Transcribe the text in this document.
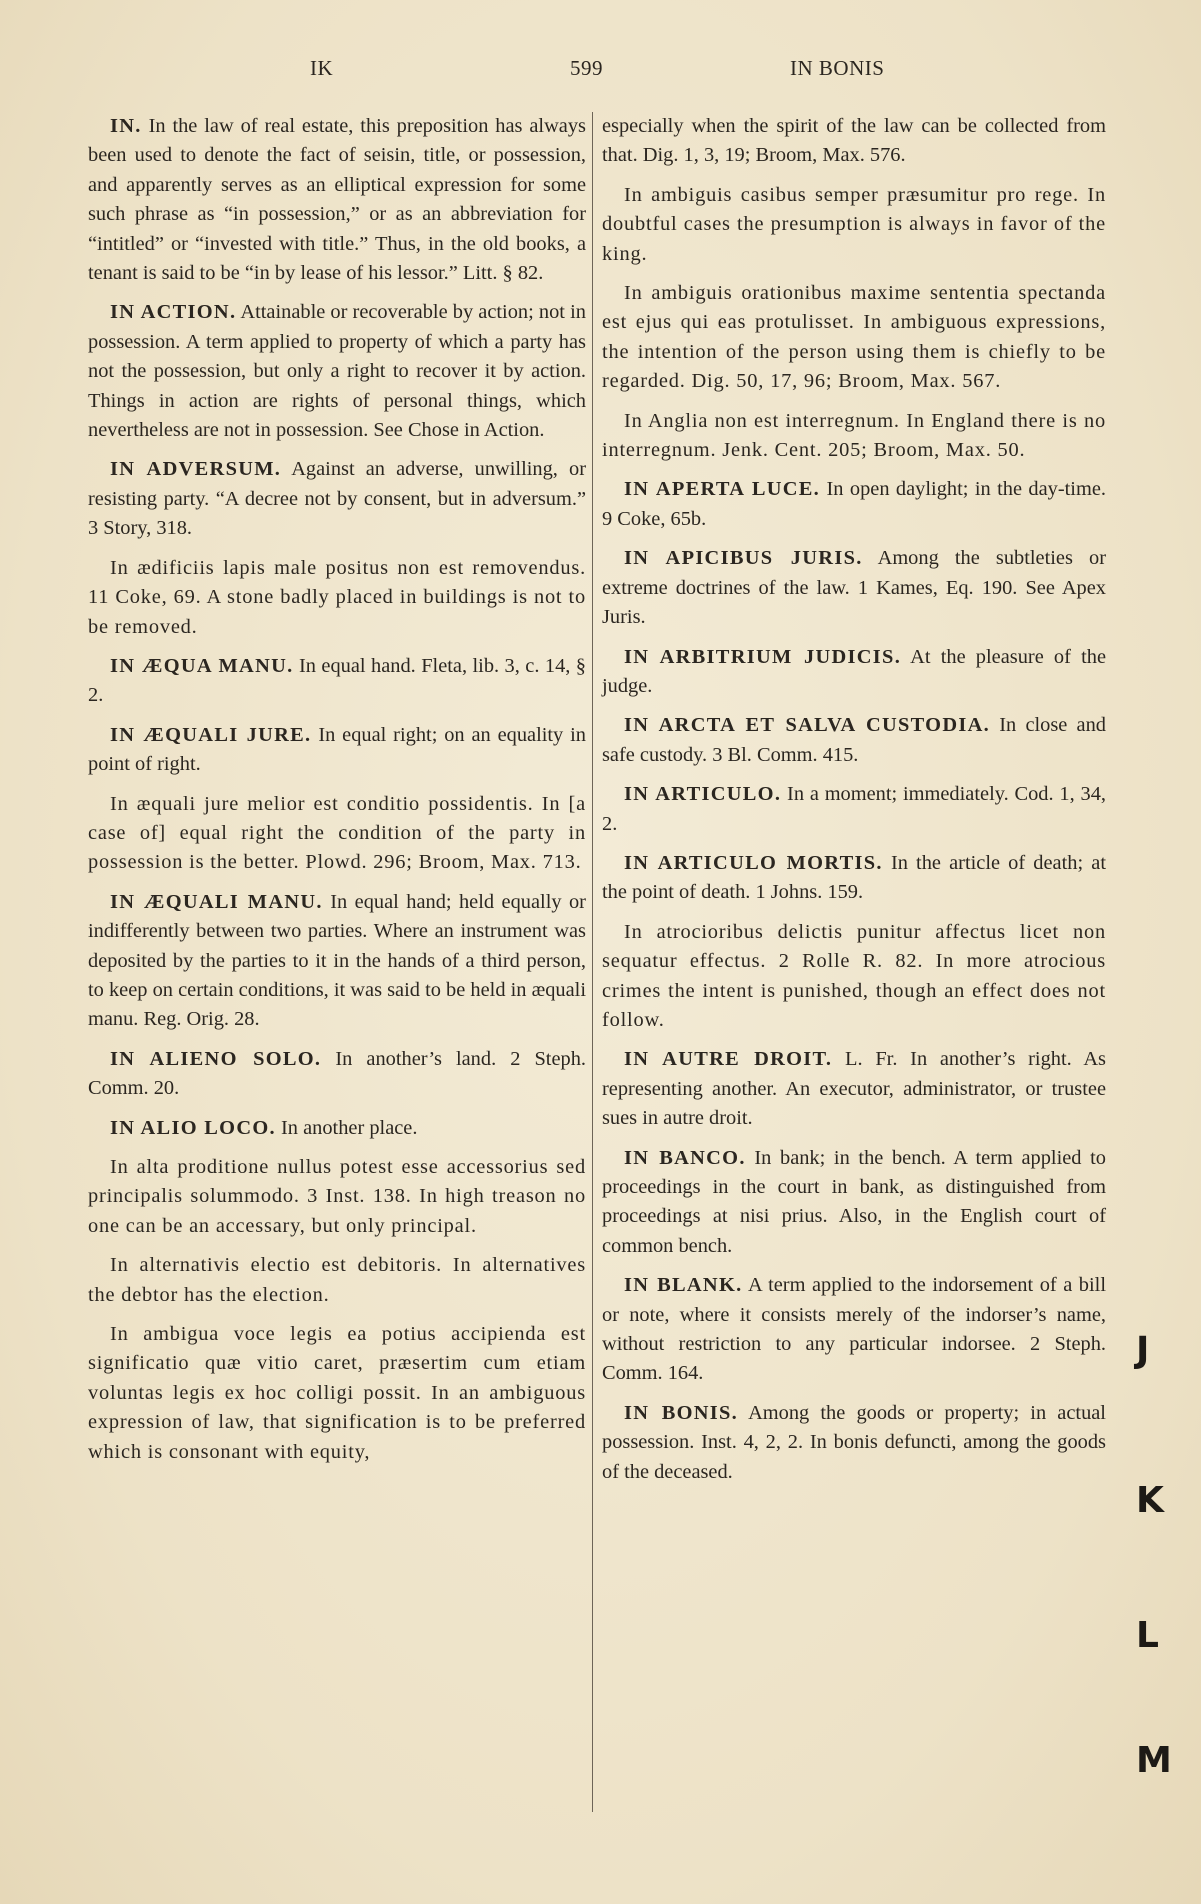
IK	599	IN BONIS

IN. In the law of real estate, this preposition has always been used to denote the fact of seisin, title, or possession, and apparently serves as an elliptical expression for some such phrase as “in possession,” or as an abbreviation for “intitled” or “invested with title.” Thus, in the old books, a tenant is said to be “in by lease of his lessor.” Litt. § 82.

IN ACTION. Attainable or recoverable by action; not in possession. A term applied to property of which a party has not the possession, but only a right to recover it by action. Things in action are rights of personal things, which nevertheless are not in possession. See Chose in Action.

IN ADVERSUM. Against an adverse, unwilling, or resisting party. “A decree not by consent, but in adversum.” 3 Story, 318.

In ædificiis lapis male positus non est removendus. 11 Coke, 69. A stone badly placed in buildings is not to be removed.

IN ÆQUA MANU. In equal hand. Fleta, lib. 3, c. 14, § 2.

IN ÆQUALI JURE. In equal right; on an equality in point of right.

In æquali jure melior est conditio possidentis. In [a case of] equal right the condition of the party in possession is the better. Plowd. 296; Broom, Max. 713.

IN ÆQUALI MANU. In equal hand; held equally or indifferently between two parties. Where an instrument was deposited by the parties to it in the hands of a third person, to keep on certain conditions, it was said to be held in æquali manu. Reg. Orig. 28.

IN ALIENO SOLO. In another’s land. 2 Steph. Comm. 20.

IN ALIO LOCO. In another place.

In alta proditione nullus potest esse accessorius sed principalis solummodo. 3 Inst. 138. In high treason no one can be an accessary, but only principal.

In alternativis electio est debitoris. In alternatives the debtor has the election.

In ambigua voce legis ea potius accipienda est significatio quæ vitio caret, præsertim cum etiam voluntas legis ex hoc colligi possit. In an ambiguous expression of law, that signification is to be preferred which is consonant with equity,

especially when the spirit of the law can be collected from that. Dig. 1, 3, 19; Broom, Max. 576.

In ambiguis casibus semper præsumitur pro rege. In doubtful cases the presumption is always in favor of the king.

In ambiguis orationibus maxime sententia spectanda est ejus qui eas protulisset. In ambiguous expressions, the intention of the person using them is chiefly to be regarded. Dig. 50, 17, 96; Broom, Max. 567.

In Anglia non est interregnum. In England there is no interregnum. Jenk. Cent. 205; Broom, Max. 50.

IN APERTA LUCE. In open daylight; in the day-time. 9 Coke, 65b.

IN APICIBUS JURIS. Among the subtleties or extreme doctrines of the law. 1 Kames, Eq. 190. See Apex Juris.

IN ARBITRIUM JUDICIS. At the pleasure of the judge.

IN ARCTA ET SALVA CUSTODIA. In close and safe custody. 3 Bl. Comm. 415.

IN ARTICULO. In a moment; immediately. Cod. 1, 34, 2.

IN ARTICULO MORTIS. In the article of death; at the point of death. 1 Johns. 159.

In atrocioribus delictis punitur affectus licet non sequatur effectus. 2 Rolle R. 82. In more atrocious crimes the intent is punished, though an effect does not follow.

IN AUTRE DROIT. L. Fr. In another’s right. As representing another. An executor, administrator, or trustee sues in autre droit.

IN BANCO. In bank; in the bench. A term applied to proceedings in the court in bank, as distinguished from proceedings at nisi prius. Also, in the English court of common bench.

IN BLANK. A term applied to the indorsement of a bill or note, where it consists merely of the indorser’s name, without restriction to any particular indorsee. 2 Steph. Comm. 164.

IN BONIS. Among the goods or property; in actual possession. Inst. 4, 2, 2. In bonis defuncti, among the goods of the deceased.

J
K
L
M
